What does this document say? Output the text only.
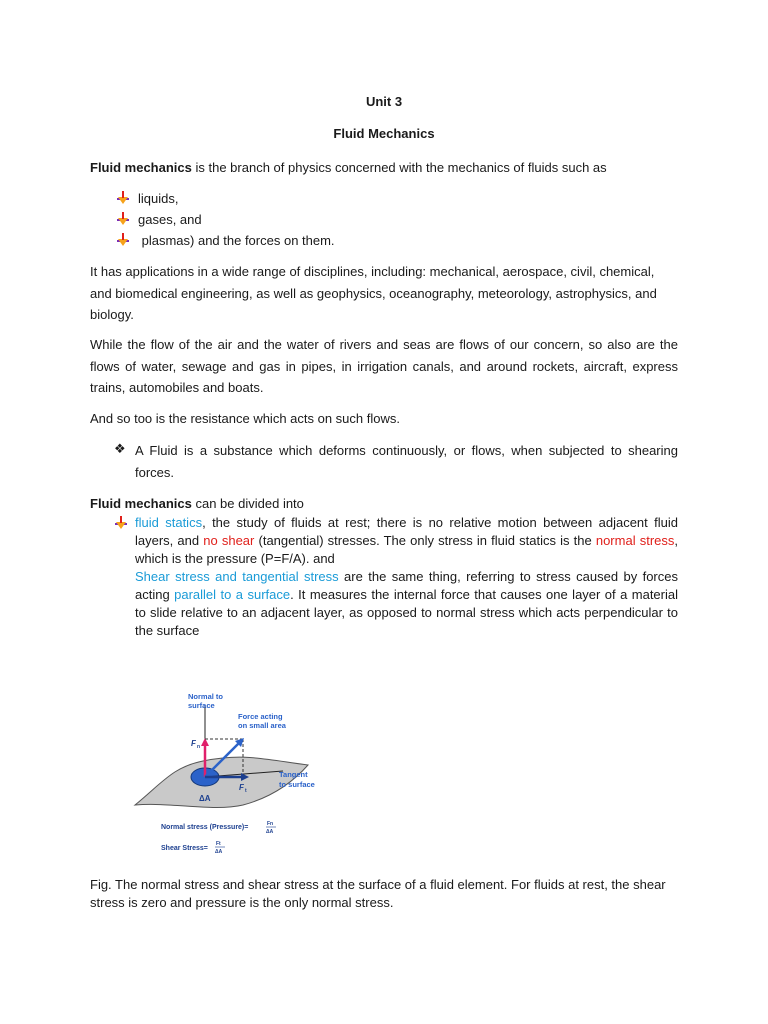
Unit 3
Fluid Mechanics
Fluid mechanics is the branch of physics concerned with the mechanics of fluids such as
liquids,
gases, and
plasmas) and the forces on them.
It has applications in a wide range of disciplines, including: mechanical, aerospace, civil, chemical, and biomedical engineering, as well as geophysics, oceanography, meteorology, astrophysics, and biology.
While the flow of the air and the water of rivers and seas are flows of our concern, so also are the flows of water, sewage and gas in pipes, in irrigation canals, and around rockets, aircraft, express trains, automobiles and boats.
And so too is the resistance which acts on such flows.
❖ A Fluid is a substance which deforms continuously, or flows, when subjected to shearing forces.
Fluid mechanics can be divided into
fluid statics, the study of fluids at rest; there is no relative motion between adjacent fluid layers, and no shear (tangential) stresses. The only stress in fluid statics is the normal stress, which is the pressure (P=F/A). and
Shear stress and tangential stress are the same thing, referring to stress caused by forces acting parallel to a surface. It measures the internal force that causes one layer of a material to slide relative to an adjacent layer, as opposed to normal stress which acts perpendicular to the surface
Normal to
surface
Force acting
on small area
Tangent
to surface
F n
F t
ΔA
Normal stress (Pressure)=	Fn
ΔA
Shear Stress=
Ft
ΔA
Fig. The normal stress and shear stress at the surface of a fluid element. For fluids at rest, the shear stress is zero and pressure is the only normal stress.
